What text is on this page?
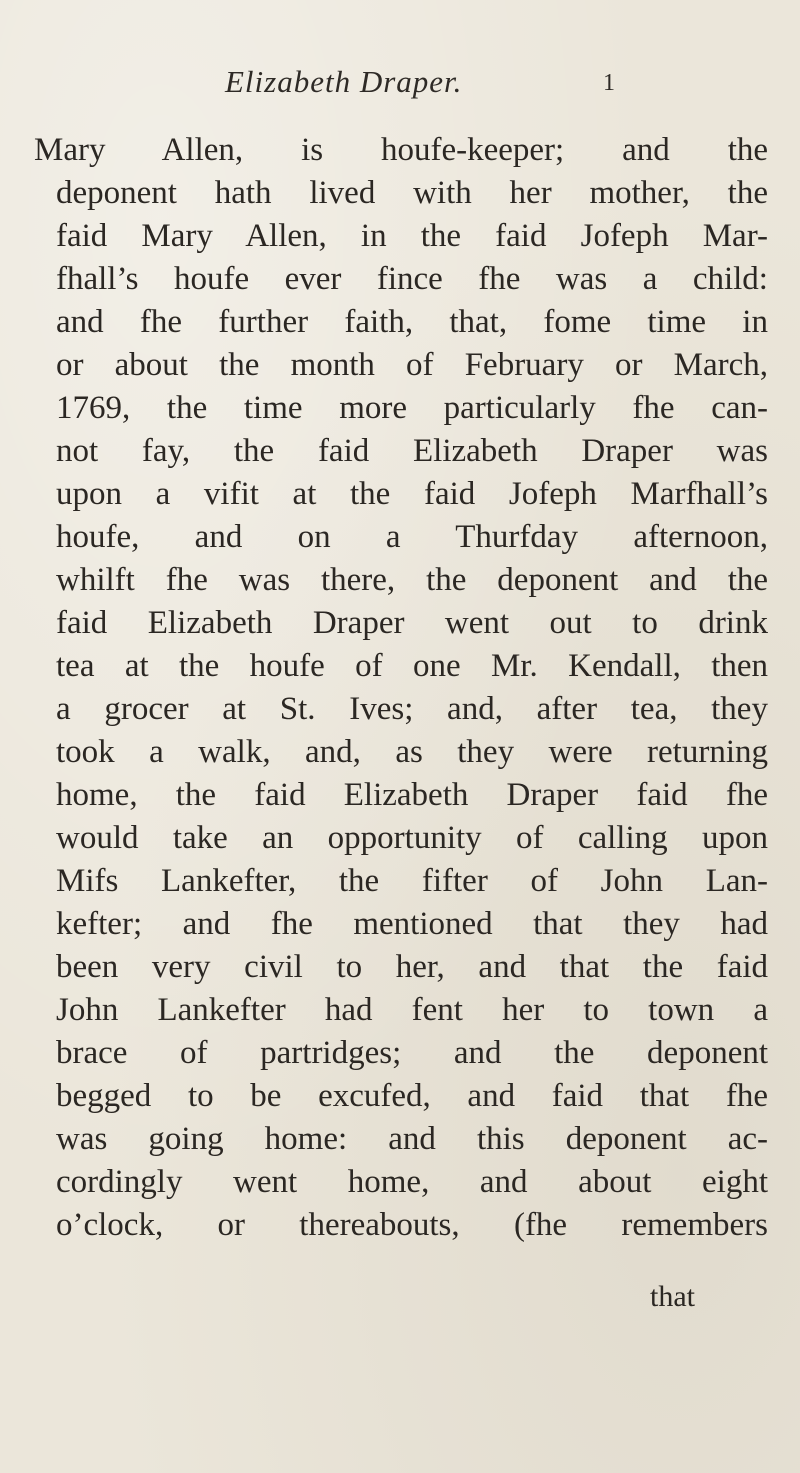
Elizabeth Draper.	1
Mary Allen, is houfe-keeper; and the
deponent hath lived with her mother, the
faid Mary Allen, in the faid Jofeph Mar-
fhall’s houfe ever fince fhe was a child:
and fhe further faith, that, fome time in
or about the month of February or March,
1769, the time more particularly fhe can-
not fay, the faid Elizabeth Draper was
upon a vifit at the faid Jofeph Marfhall’s
houfe, and on a Thurfday afternoon,
whilft fhe was there, the deponent and the
faid Elizabeth Draper went out to drink
tea at the houfe of one Mr. Kendall, then
a grocer at St. Ives; and, after tea, they
took a walk, and, as they were returning
home, the faid Elizabeth Draper faid fhe
would take an opportunity of calling upon
Mifs Lankefter, the fifter of John Lan-
kefter; and fhe mentioned that they had
been very civil to her, and that the faid
John Lankefter had fent her to town a
brace of partridges; and the deponent
begged to be excufed, and faid that fhe
was going home: and this deponent ac-
cordingly went home, and about eight
o’clock, or thereabouts, (fhe remembers
that
